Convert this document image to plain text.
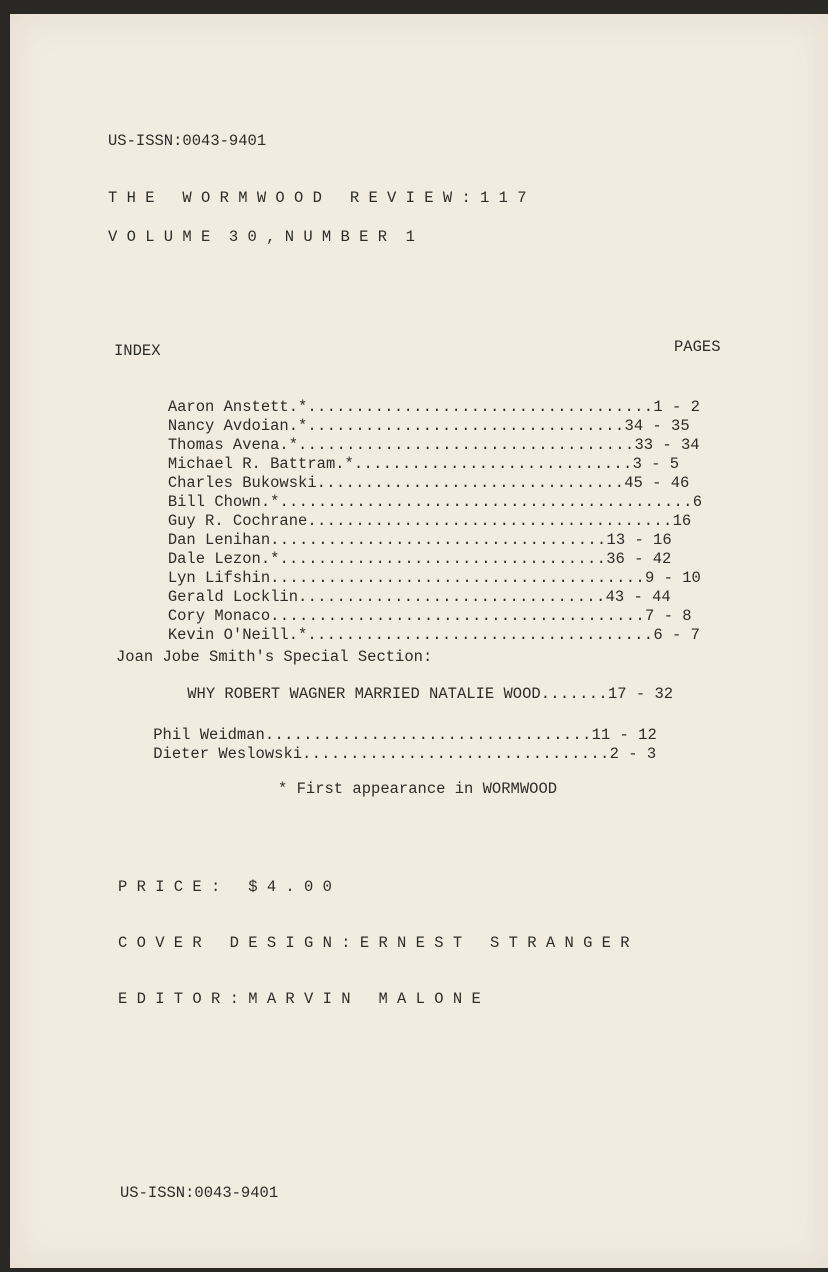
US-ISSN:0043-9401
T H E   W O R M W O O D   R E V I E W : 1 1 7
V O L U M E  3 0 , N U M B E R  1
INDEX	PAGES

Aaron Anstett.*....................................1 - 2

Nancy Avdoian.*.................................34 - 35

Thomas Avena.*...................................33 - 34

Michael R. Battram.*.............................3 - 5

Charles Bukowski................................45 - 46

Bill Chown.*...........................................6

Guy R. Cochrane......................................16

Dan Lenihan...................................13 - 16

Dale Lezon.*..................................36 - 42

Lyn Lifshin.......................................9 - 10

Gerald Locklin................................43 - 44

Cory Monaco.......................................7 - 8

Kevin O'Neill.*....................................6 - 7

Joan Jobe Smith's Special Section:

WHY ROBERT WAGNER MARRIED NATALIE WOOD.......17 - 32

Phil Weidman..................................11 - 12

Dieter Weslowski................................2 - 3

* First appearance in WORMWOOD
P R I C E :   $ 4 . 0 0
C O V E R   D E S I G N : E R N E S T   S T R A N G E R
E D I T O R : M A R V I N   M A L O N E
US-ISSN:0043-9401
